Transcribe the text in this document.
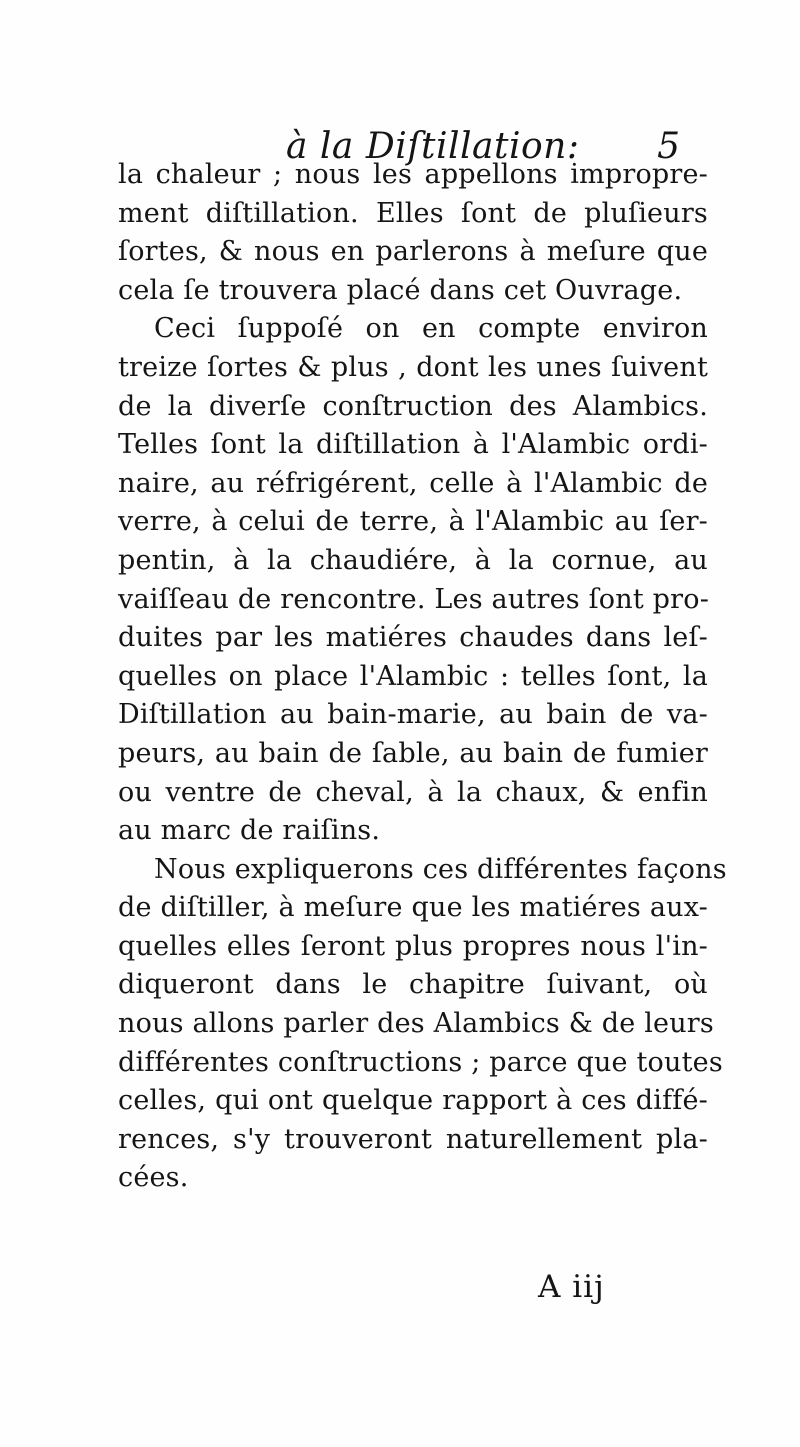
à la Diſtillation: 5
la chaleur ; nous les appellons impropre-
ment diſtillation. Elles ſont de pluſieurs
ſortes, & nous en parlerons à meſure que
cela ſe trouvera placé dans cet Ouvrage.
Ceci ſuppoſé on en compte environ
treize ſortes & plus , dont les unes ſuivent
de la diverſe conſtruction des Alambics.
Telles ſont la diſtillation à l'Alambic ordi-
naire, au réfrigérent, celle à l'Alambic de
verre, à celui de terre, à l'Alambic au ſer-
pentin, à la chaudiére, à la cornue, au
vaiſſeau de rencontre. Les autres ſont pro-
duites par les matiéres chaudes dans leſ-
quelles on place l'Alambic : telles ſont, la
Diſtillation au bain-marie, au bain de va-
peurs, au bain de ſable, au bain de fumier
ou ventre de cheval, à la chaux, & enfin
au marc de raiſins.
Nous expliquerons ces différentes façons
de diſtiller, à meſure que les matiéres aux-
quelles elles ſeront plus propres nous l'in-
diqueront dans le chapitre ſuivant, où
nous allons parler des Alambics & de leurs
différentes conſtructions ; parce que toutes
celles, qui ont quelque rapport à ces diffé-
rences, s'y trouveront naturellement pla-
cées.
A iij
